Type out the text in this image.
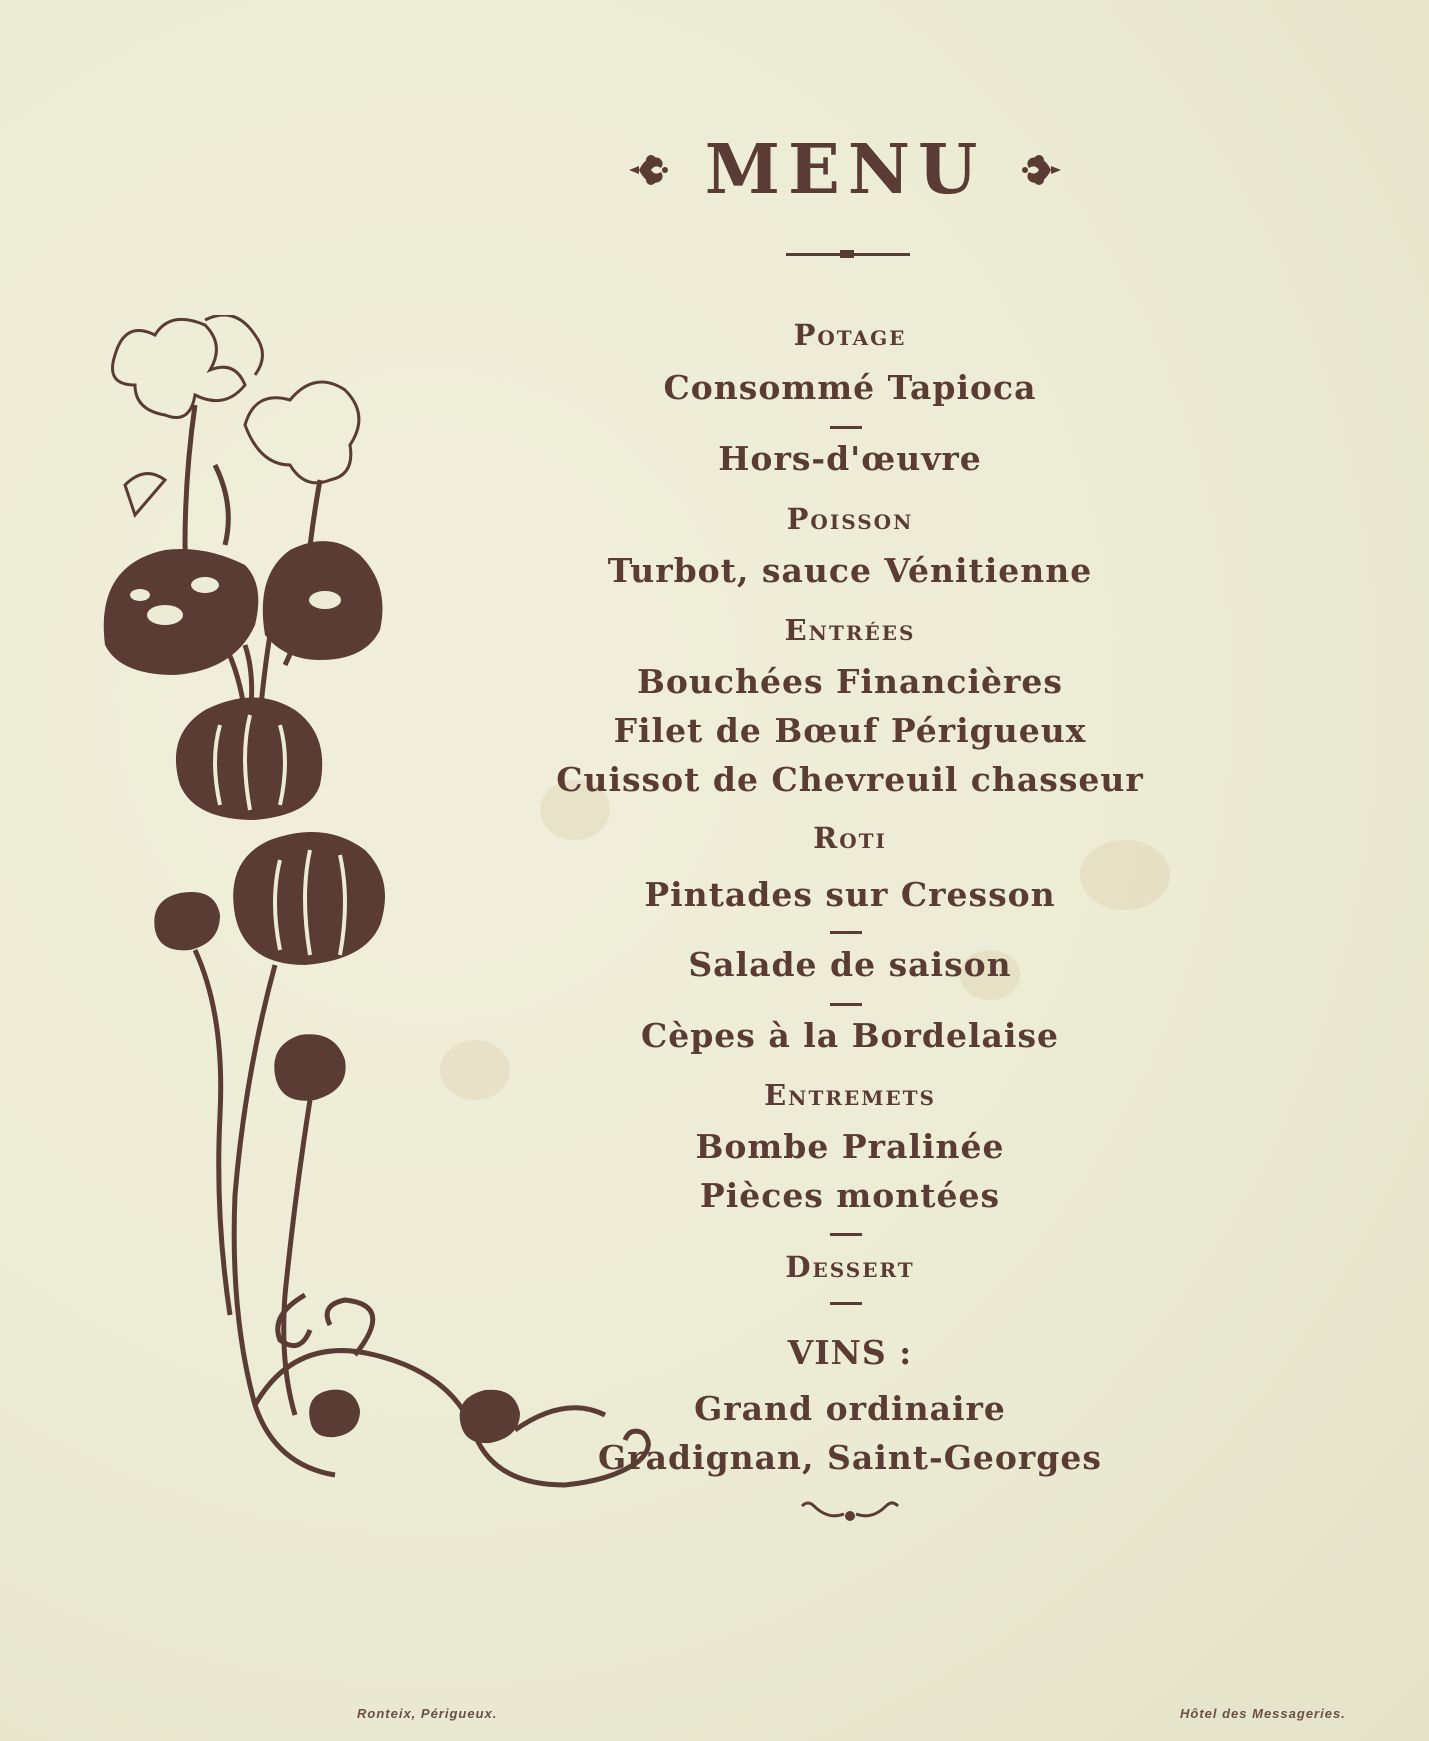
MENU
Potage
Consommé Tapioca
Hors-d'œuvre
Poisson
Turbot, sauce Vénitienne
Entrées
Bouchées Financières
Filet de Bœuf Périgueux
Cuissot de Chevreuil chasseur
Roti
Pintades sur Cresson
Salade de saison
Cèpes à la Bordelaise
Entremets
Bombe Pralinée
Pièces montées
Dessert
VINS :
Grand ordinaire
Gradignan, Saint-Georges
Ronteix, Périgueux.	Hôtel des Messageries.
